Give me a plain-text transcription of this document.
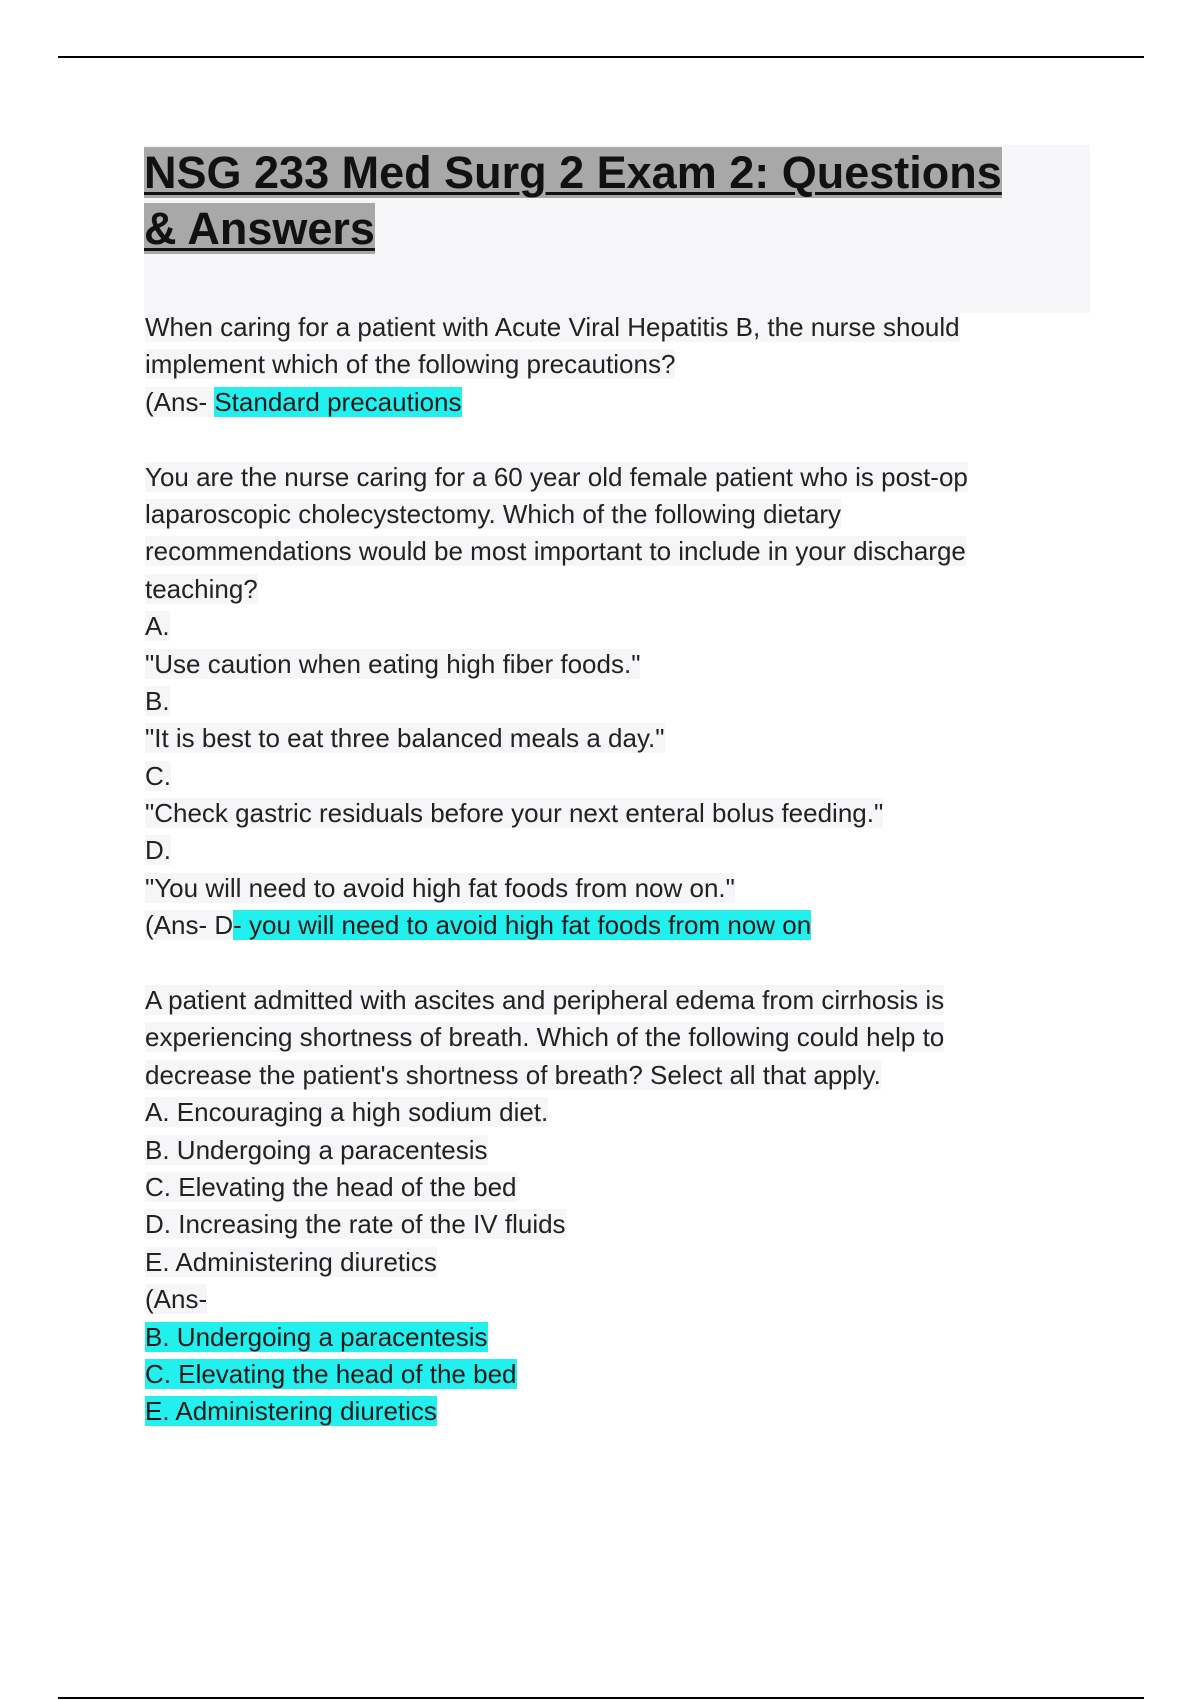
NSG 233 Med Surg 2 Exam 2: Questions
& Answers
When caring for a patient with Acute Viral Hepatitis B, the nurse should
implement which of the following precautions?
(Ans- Standard precautions
You are the nurse caring for a 60 year old female patient who is post-op
laparoscopic cholecystectomy. Which of the following dietary
recommendations would be most important to include in your discharge
teaching?
A.
"Use caution when eating high fiber foods."
B.
"It is best to eat three balanced meals a day."
C.
"Check gastric residuals before your next enteral bolus feeding."
D.
"You will need to avoid high fat foods from now on."
(Ans- D- you will need to avoid high fat foods from now on
A patient admitted with ascites and peripheral edema from cirrhosis is
experiencing shortness of breath. Which of the following could help to
decrease the patient's shortness of breath? Select all that apply.
A. Encouraging a high sodium diet.
B. Undergoing a paracentesis
C. Elevating the head of the bed
D. Increasing the rate of the IV fluids
E. Administering diuretics
(Ans-
B. Undergoing a paracentesis
C. Elevating the head of the bed
E. Administering diuretics
